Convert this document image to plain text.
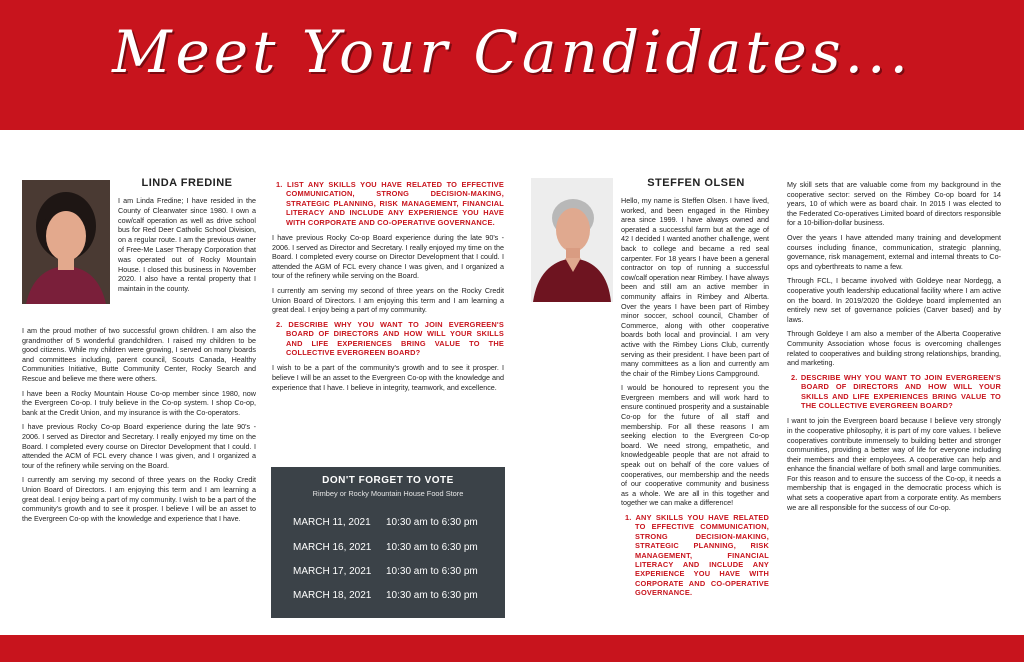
Meet Your Candidates...
LINDA FREDINE

I am Linda Fredine; I have resided in the County of Clearwater since 1980. I own a cow/calf operation as well as drive school bus for Red Deer Catholic School Division, on a regular route. I am the previous owner of Free-Me Laser Therapy Corporation that was operated out of Rocky Mountain House. I closed this business in November 2020. I also have a rental property that I maintain in the county.

I am the proud mother of two successful grown children. I am also the grandmother of 5 wonderful grandchildren. I raised my children to be good citizens. While my children were growing, I served on many boards and committees including, parent council, Scouts Canada, Healthy Communities Initiative, Butte Community Center, Rocky Search and Rescue and believe me there were others.

I have been a Rocky Mountain House Co-op member since 1980, now the Evergreen Co-op. I truly believe in the Co-op system. I shop Co-op, bank at the Credit Union, and my insurance is with the Co-operators.

I have previous Rocky Co-op Board experience during the late 90's - 2006. I served as Director and Secretary. I really enjoyed my time on the Board. I completed every course on Director Development that I could. I attended the ACM of FCL every chance I was given, and I organized a tour of the refinery while serving on the Board.

I currently am serving my second of three years on the Rocky Credit Union Board of Directors. I am enjoying this term and I am learning a great deal. I enjoy being a part of my community. I wish to be a part of the community's growth and to see it prosper. I believe I will be an asset to the Evergreen Co-op with the knowledge and experience that I have.

1. LIST ANY SKILLS YOU HAVE RELATED TO EFFECTIVE COMMUNICATION, STRONG DECISION-MAKING, STRATEGIC PLANNING, RISK MANAGEMENT, FINANCIAL LITERACY AND INCLUDE ANY EXPERIENCE YOU HAVE WITH CORPORATE AND CO-OPERATIVE GOVERNANCE.

I have previous Rocky Co-op Board experience during the late 90's - 2006. I served as Director and Secretary. I really enjoyed my time on the Board. I completed every course on Director Development that I could. I attended the AGM of FCL every chance I was given, and I organized a tour of the refinery while serving on the Board.

I currently am serving my second of three years on the Rocky Credit Union Board of Directors. I am enjoying this term and I am learning a great deal. I enjoy being a part of my community.

2. DESCRIBE WHY YOU WANT TO JOIN EVERGREEN'S BOARD OF DIRECTORS AND HOW WILL YOUR SKILLS AND LIFE EXPERIENCES BRING VALUE TO THE COLLECTIVE EVERGREEN BOARD?

I wish to be a part of the community's growth and to see it prosper. I believe I will be an asset to the Evergreen Co-op with the knowledge and experience that I have. I believe in integrity, teamwork, and excellence.

DON'T FORGET TO VOTE
Rimbey or Rocky Mountain House Food Store
MARCH 11, 2021 10:30 am to 6:30 pm
MARCH 16, 2021 10:30 am to 6:30 pm
MARCH 17, 2021 10:30 am to 6:30 pm
MARCH 18, 2021 10:30 am to 6:30 pm
STEFFEN OLSEN

Hello, my name is Steffen Olsen. I have lived, worked, and been engaged in the Rimbey area since 1999. I have always owned and operated a successful farm but at the age of 42 I decided I wanted another challenge, went back to college and became a red seal carpenter. For 18 years I have been a general contractor on top of running a successful cow/calf operation near Rimbey. I have always been and still am an active member in community affairs in Rimbey and Alberta. Over the years I have been part of Rimbey minor soccer, school council, Chamber of Commerce, along with other cooperative boards both local and provincial. I am very active with the Rimbey Lions Club, currently serving as their president. I have been part of many committees as a lion and currently am the chair of the Rimbey Lions Campground.

I would be honoured to represent you the Evergreen members and will work hard to ensure continued prosperity and a sustainable Co-op for the future of all staff and membership. For all these reasons I am seeking election to the Evergreen Co-op board. We need strong, empathetic, and knowledgeable people that are not afraid to speak out on behalf of the core values of cooperatives, our membership and the needs of our cooperative community and business as a whole. We are all in this together and together we can make a difference!

1. ANY SKILLS YOU HAVE RELATED TO EFFECTIVE COMMUNICATION, STRONG DECISION-MAKING, STRATEGIC PLANNING, RISK MANAGEMENT, FINANCIAL LITERACY AND INCLUDE ANY EXPERIENCE YOU HAVE WITH CORPORATE AND CO-OPERATIVE GOVERNANCE.

My skill sets that are valuable come from my background in the cooperative sector: served on the Rimbey Co-op board for 14 years, 10 of which were as board chair. In 2015 I was elected to the Federated Co-operatives Limited board of directors responsible for a 10-billion-dollar business.

Over the years I have attended many training and development courses including finance, communication, strategic planning, governance, risk management, external and internal threats to Co-ops and cyberthreats to name a few.

Through FCL, I became involved with Goldeye near Nordegg, a cooperative youth leadership educational facility where I am active on the board. In 2019/2020 the Goldeye board implemented an entirely new set of governance policies (Carver based) and by laws.

Through Goldeye I am also a member of the Alberta Cooperative Community Association whose focus is overcoming challenges related to cooperatives and building strong relationships, branding, and marketing.

2. DESCRIBE WHY YOU WANT TO JOIN EVERGREEN'S BOARD OF DIRECTORS AND HOW WILL YOUR SKILLS AND LIFE EXPERIENCES BRING VALUE TO THE COLLECTIVE EVERGREEN BOARD?

I want to join the Evergreen board because I believe very strongly in the cooperative philosophy, it is part of my core values. I believe cooperatives contribute immensely to building better and stronger communities, providing a better way of life for everyone including their members and their employees. A cooperative can help and enhance the financial welfare of both small and large communities. For this reason and to ensure the success of the Co-op, it needs a membership that is engaged in the democratic process which is what sets a cooperative apart from a corporate entity. As members we are all responsible for the success of our Co-op.
